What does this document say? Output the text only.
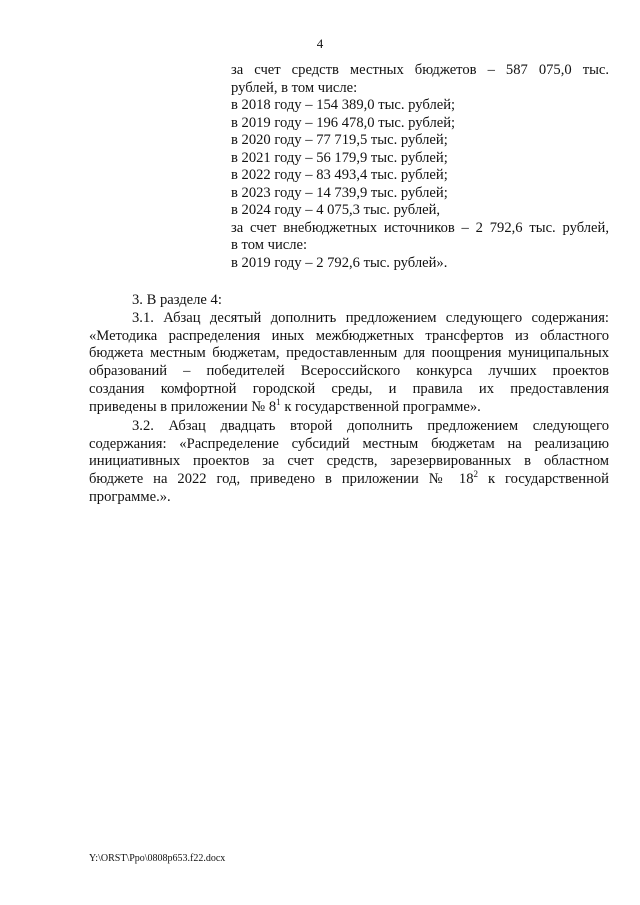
4
за счет средств местных бюджетов – 587 075,0 тыс.
рублей, в том числе:
в 2018 году – 154 389,0 тыс. рублей;
в 2019 году – 196 478,0 тыс. рублей;
в 2020 году – 77 719,5 тыс. рублей;
в 2021 году – 56 179,9 тыс. рублей;
в 2022 году – 83 493,4 тыс. рублей;
в 2023 году – 14 739,9 тыс. рублей;
в 2024 году – 4 075,3 тыс. рублей,
за счет внебюджетных источников – 2 792,6 тыс. рублей,
в том числе:
в 2019 году – 2 792,6 тыс. рублей».
3. В разделе 4:
3.1. Абзац десятый дополнить предложением следующего содержания:
«Методика распределения иных межбюджетных трансфертов из областного
бюджета местным бюджетам, предоставленным для поощрения муниципальных
образований – победителей Всероссийского конкурса лучших проектов
создания комфортной городской среды, и правила их предоставления
приведены в приложении № $8^1$ к государственной программе».
3.2. Абзац двадцать второй дополнить предложением следующего
содержания: «Распределение субсидий местным бюджетам на реализацию
инициативных проектов за счет средств, зарезервированных в областном
бюджете на 2022 год, приведено в приложении № $18^2$ к государственной
программе.».
Y:\ORST\Ppo\0808p653.f22.docx
